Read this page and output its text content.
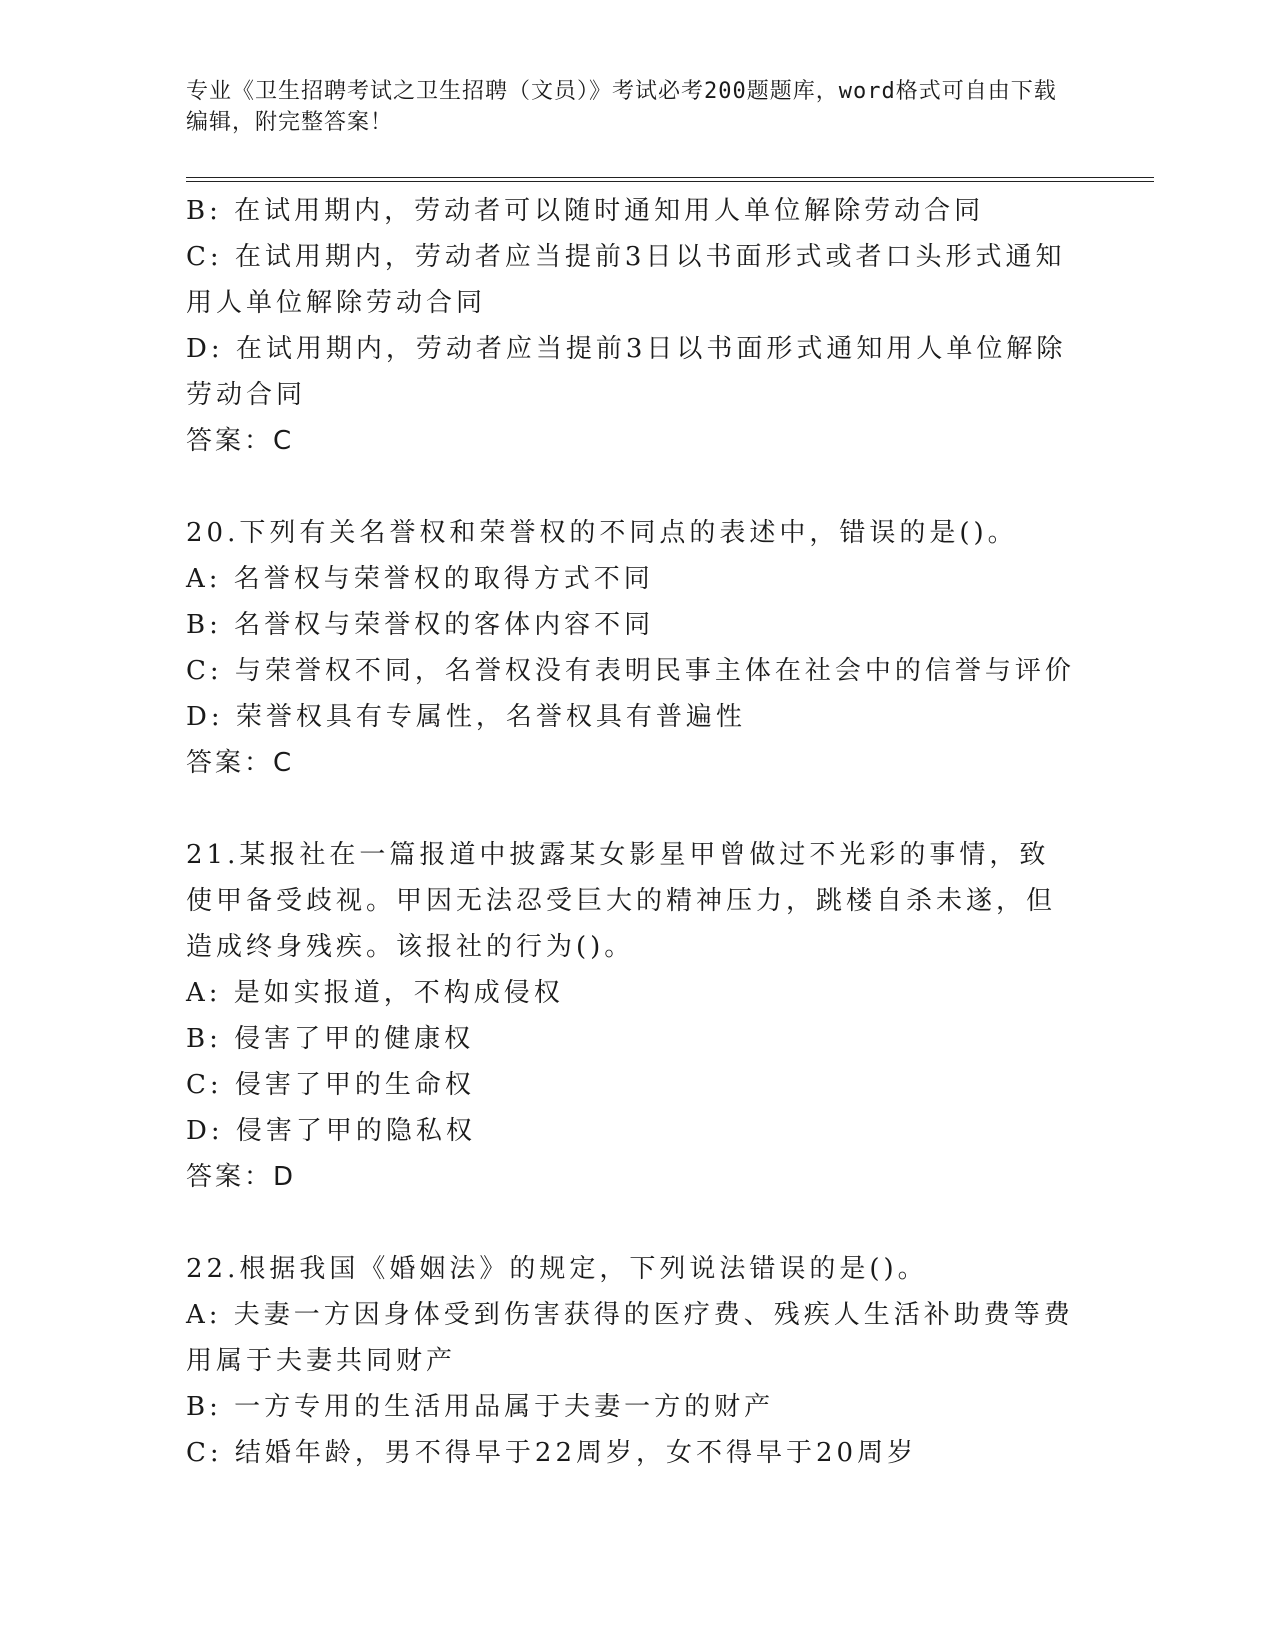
专业《卫生招聘考试之卫生招聘（文员）》考试必考200题题库，word格式可自由下载编辑，附完整答案！

B: 在试用期内，劳动者可以随时通知用人单位解除劳动合同

C: 在试用期内，劳动者应当提前3日以书面形式或者口头形式通知用人单位解除劳动合同

D: 在试用期内，劳动者应当提前3日以书面形式通知用人单位解除劳动合同

答案：C

20.下列有关名誉权和荣誉权的不同点的表述中，错误的是()。

A: 名誉权与荣誉权的取得方式不同

B: 名誉权与荣誉权的客体内容不同

C: 与荣誉权不同，名誉权没有表明民事主体在社会中的信誉与评价

D: 荣誉权具有专属性，名誉权具有普遍性

答案：C

21.某报社在一篇报道中披露某女影星甲曾做过不光彩的事情，致使甲备受歧视。甲因无法忍受巨大的精神压力，跳楼自杀未遂，但造成终身残疾。该报社的行为()。

A: 是如实报道，不构成侵权

B: 侵害了甲的健康权

C: 侵害了甲的生命权

D: 侵害了甲的隐私权

答案：D

22.根据我国《婚姻法》的规定，下列说法错误的是()。

A: 夫妻一方因身体受到伤害获得的医疗费、残疾人生活补助费等费用属于夫妻共同财产

B: 一方专用的生活用品属于夫妻一方的财产

C: 结婚年龄，男不得早于22周岁，女不得早于20周岁
